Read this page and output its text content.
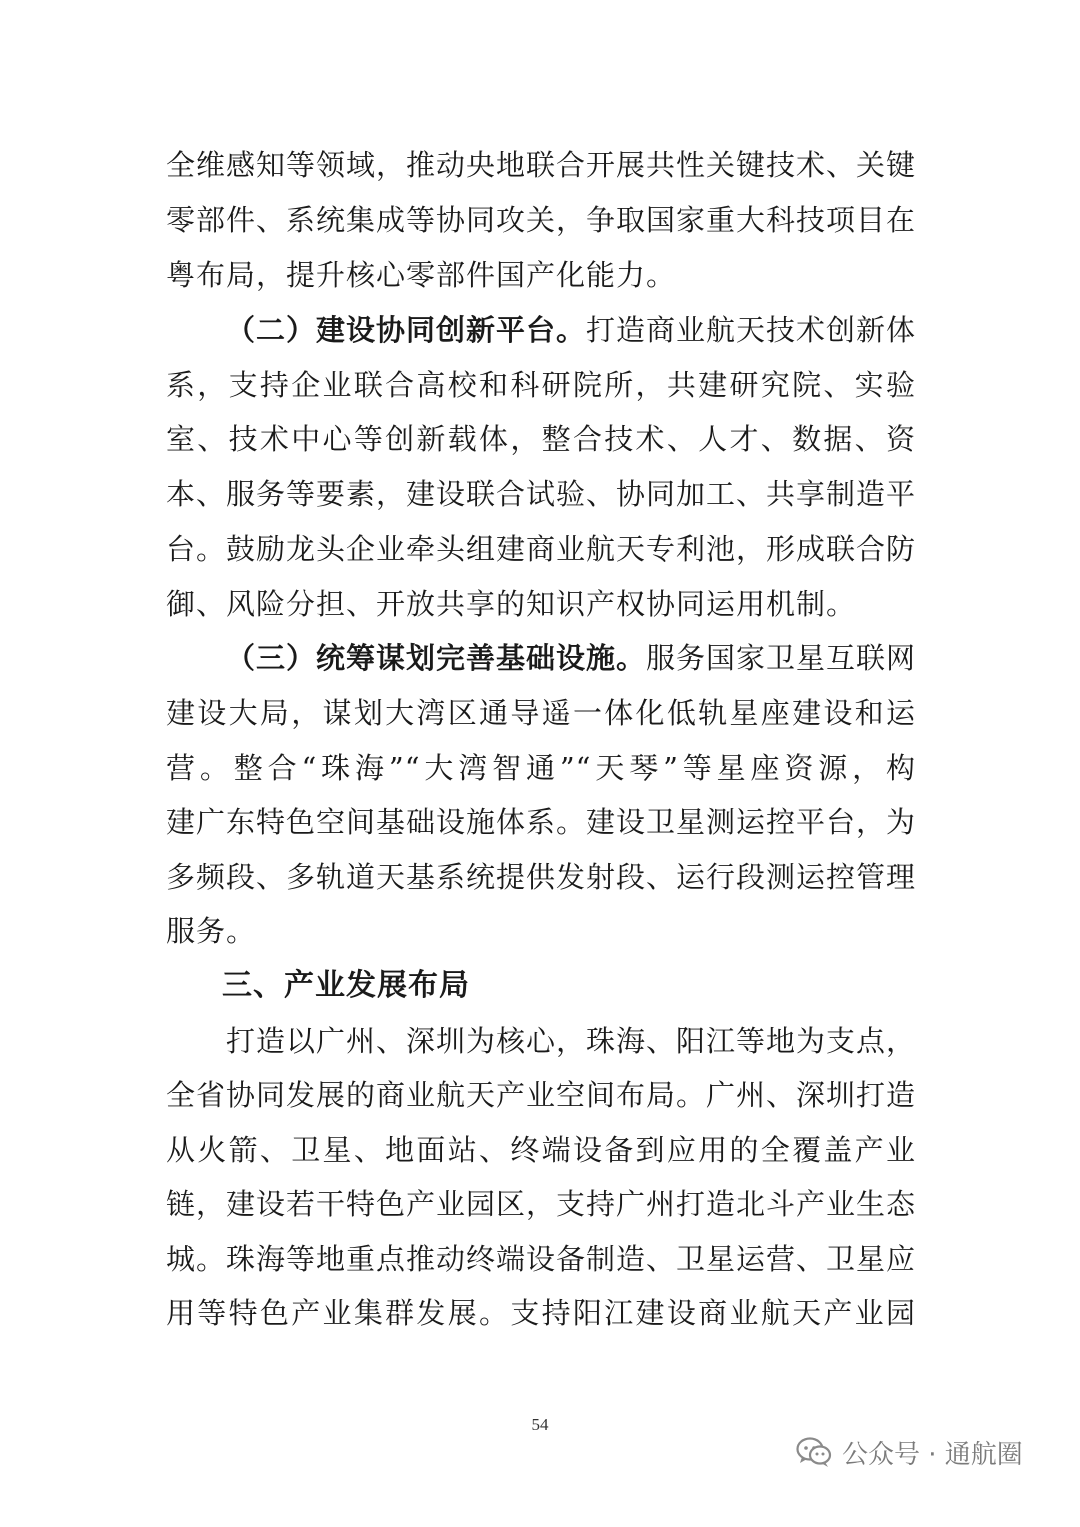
全维感知等领域，推动央地联合开展共性关键技术、关键
零部件、系统集成等协同攻关，争取国家重大科技项目在
粤布局，提升核心零部件国产化能力。
（二）建设协同创新平台。打造商业航天技术创新体
系，支持企业联合高校和科研院所，共建研究院、实验
室、技术中心等创新载体，整合技术、人才、数据、资
本、服务等要素，建设联合试验、协同加工、共享制造平
台。鼓励龙头企业牵头组建商业航天专利池，形成联合防
御、风险分担、开放共享的知识产权协同运用机制。
（三）统筹谋划完善基础设施。服务国家卫星互联网
建设大局，谋划大湾区通导遥一体化低轨星座建设和运
营。整合“珠海”“大湾智通”“天琴”等星座资源，构
建广东特色空间基础设施体系。建设卫星测运控平台，为
多频段、多轨道天基系统提供发射段、运行段测运控管理
服务。
三、产业发展布局
打造以广州、深圳为核心，珠海、阳江等地为支点，
全省协同发展的商业航天产业空间布局。广州、深圳打造
从火箭、卫星、地面站、终端设备到应用的全覆盖产业
链，建设若干特色产业园区，支持广州打造北斗产业生态
城。珠海等地重点推动终端设备制造、卫星运营、卫星应
用等特色产业集群发展。支持阳江建设商业航天产业园
54
公众号 · 通航圈
